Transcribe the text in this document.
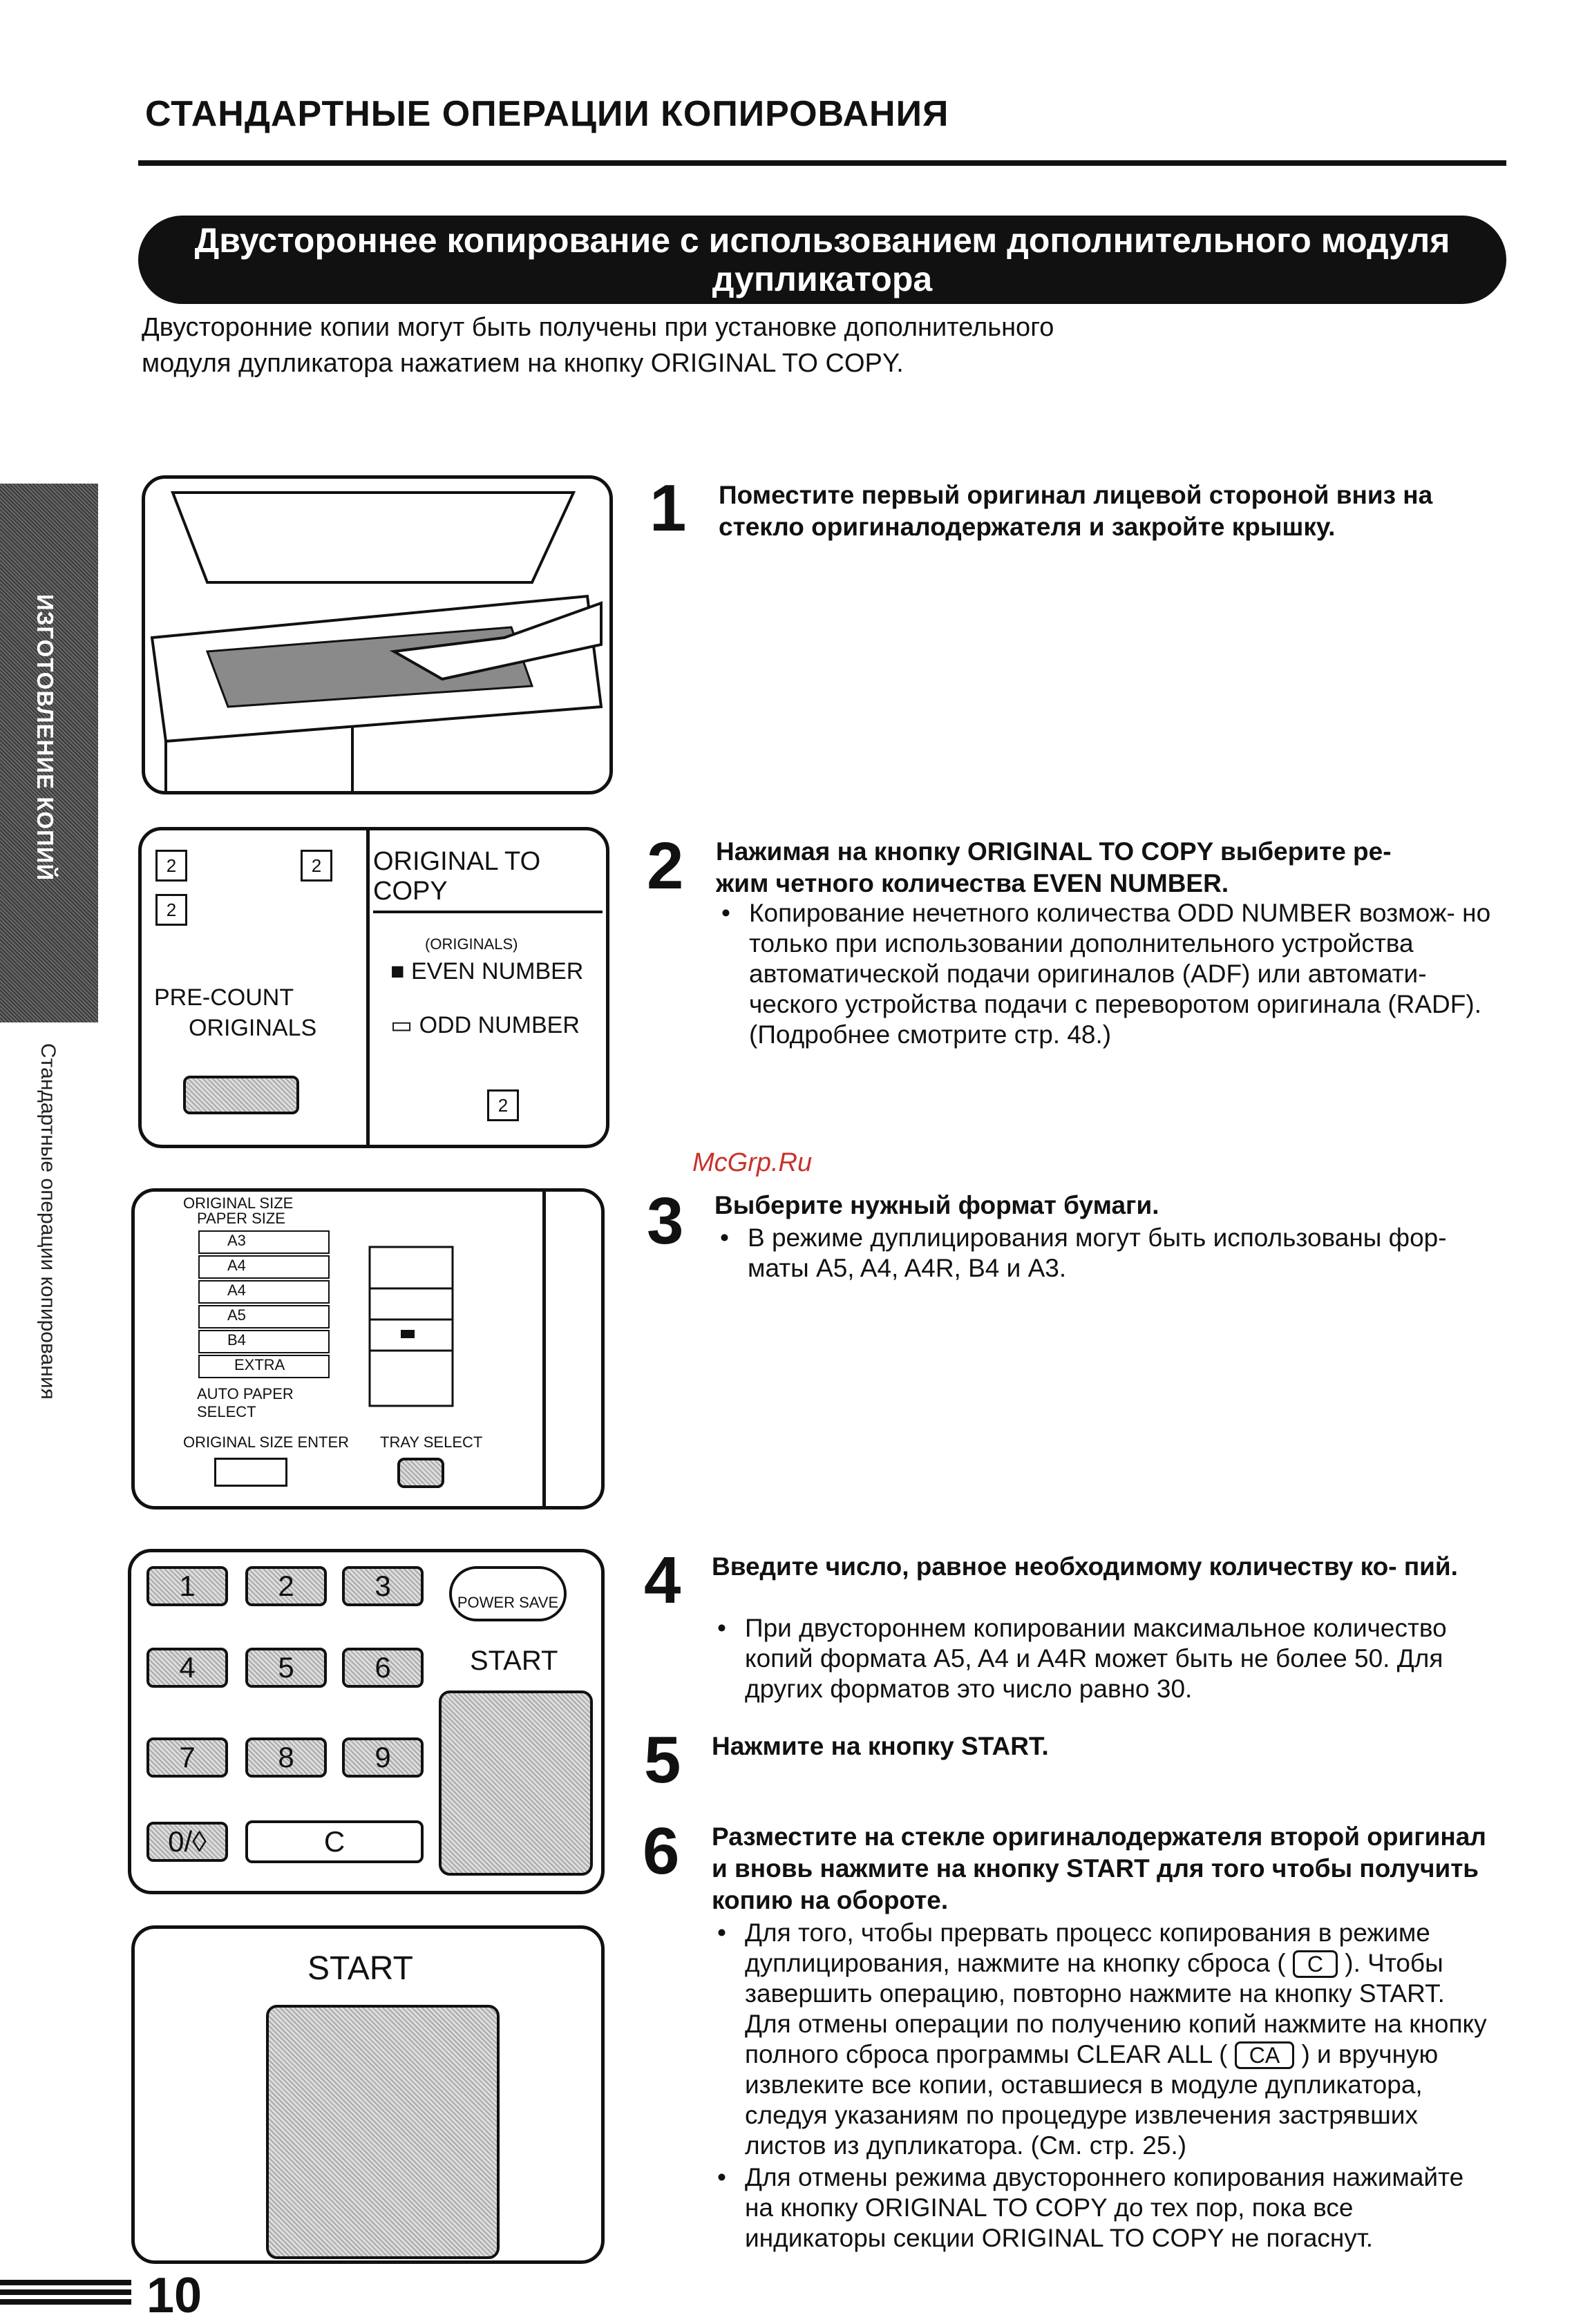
СТАНДАРТНЫЕ ОПЕРАЦИИ КОПИРОВАНИЯ
Двустороннее копирование с использованием дополнительного модуля
дупликатора
Двусторонние копии могут быть получены при установке дополнительного
модуля дупликатора нажатием на кнопку ORIGINAL TO COPY.
ИЗГОТОВЛЕНИЕ КОПИЙ
Стандартные операции копирования
2
2
2
PRE-COUNT
ORIGINALS
ORIGINAL TO COPY
(ORIGINALS)
■ EVEN NUMBER
▭ ODD NUMBER
2
ORIGINAL SIZE PAPER SIZE
A3
A4
A4
A5
B4
EXTRA
AUTO PAPER SELECT
ORIGINAL SIZE ENTER TRAY SELECT
1	2	3
4	5	6
7	8	9
0/◊	C
POWER SAVE
START
START
1 Поместите первый оригинал лицевой стороной вниз на стекло оригиналодержателя и закройте крышку.
2 Нажимая на кнопку ORIGINAL TO COPY выберите ре-
жим четного количества EVEN NUMBER.
• Копирование нечетного количества ODD NUMBER возмож- но только при использовании дополнительного устройства автоматической подачи оригиналов (ADF) или автомати- ческого устройства подачи с переворотом оригинала (RADF). (Подробнее смотрите стр. 48.)
McGrp.Ru
3 Выберите нужный формат бумаги.
• В режиме дуплицирования могут быть использованы фор- маты A5, A4, A4R, B4 и A3.
4 Введите число, равное необходимому количеству ко- пий.
• При двустороннем копировании максимальное количество копий формата A5, A4 и A4R может быть не более 50. Для других форматов это число равно 30.
5 Нажмите на кнопку START.
6 Разместите на стекле оригиналодержателя второй оригинал и вновь нажмите на кнопку START для того чтобы получить копию на обороте.
• Для того, чтобы прервать процесс копирования в режиме дуплицирования, нажмите на кнопку сброса ( C ). Чтобы завершить операцию, повторно нажмите на кнопку START. Для отмены операции по получению копий нажмите на кнопку полного сброса программы CLEAR ALL ( CA ) и вручную извлеките все копии, оставшиеся в модуле дупликатора, следуя указаниям по процедуре извлечения застрявших листов из дупликатора. (См. стр. 25.)
• Для отмены режима двустороннего копирования нажимайте на кнопку ORIGINAL TO COPY до тех пор, пока все индикаторы секции ORIGINAL TO COPY не погаснут.
10
